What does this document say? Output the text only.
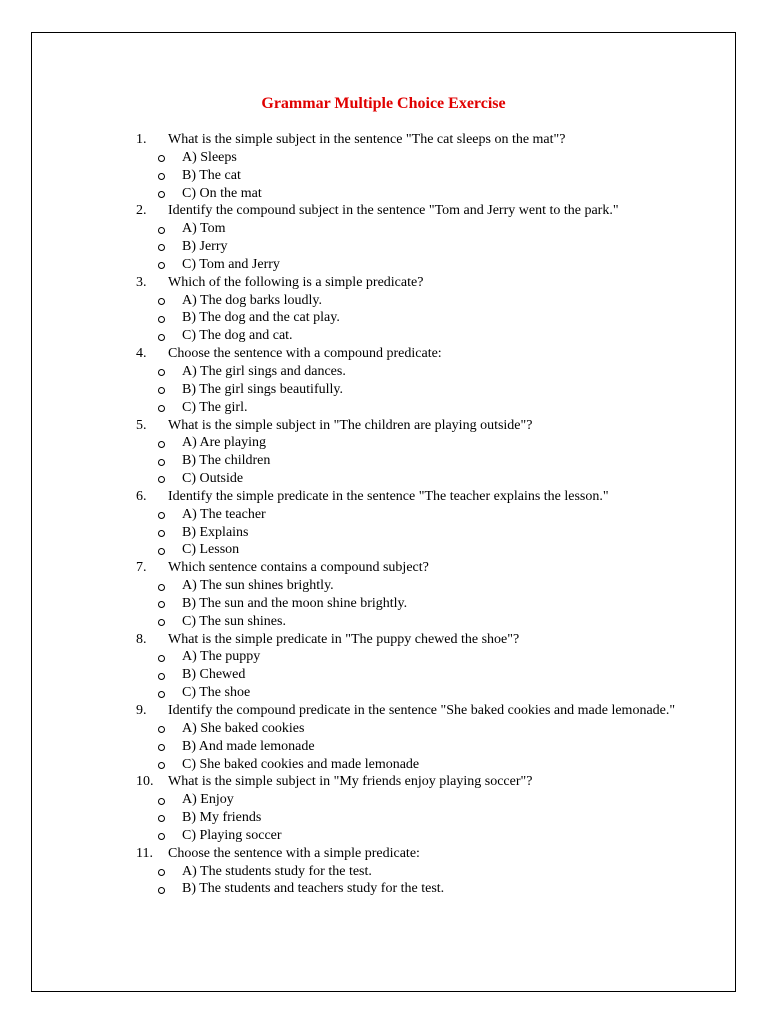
Grammar Multiple Choice Exercise
1.	What is the simple subject in the sentence "The cat sleeps on the mat"?
A) Sleeps
B) The cat
C) On the mat
2.	Identify the compound subject in the sentence "Tom and Jerry went to the park."
A) Tom
B) Jerry
C) Tom and Jerry
3.	Which of the following is a simple predicate?
A) The dog barks loudly.
B) The dog and the cat play.
C) The dog and cat.
4.	Choose the sentence with a compound predicate:
A) The girl sings and dances.
B) The girl sings beautifully.
C) The girl.
5.	What is the simple subject in "The children are playing outside"?
A) Are playing
B) The children
C) Outside
6.	Identify the simple predicate in the sentence "The teacher explains the lesson."
A) The teacher
B) Explains
C) Lesson
7.	Which sentence contains a compound subject?
A) The sun shines brightly.
B) The sun and the moon shine brightly.
C) The sun shines.
8.	What is the simple predicate in "The puppy chewed the shoe"?
A) The puppy
B) Chewed
C) The shoe
9.	Identify the compound predicate in the sentence "She baked cookies and made lemonade."
A) She baked cookies
B) And made lemonade
C) She baked cookies and made lemonade
10.	What is the simple subject in "My friends enjoy playing soccer"?
A) Enjoy
B) My friends
C) Playing soccer
11.	Choose the sentence with a simple predicate:
A) The students study for the test.
B) The students and teachers study for the test.
